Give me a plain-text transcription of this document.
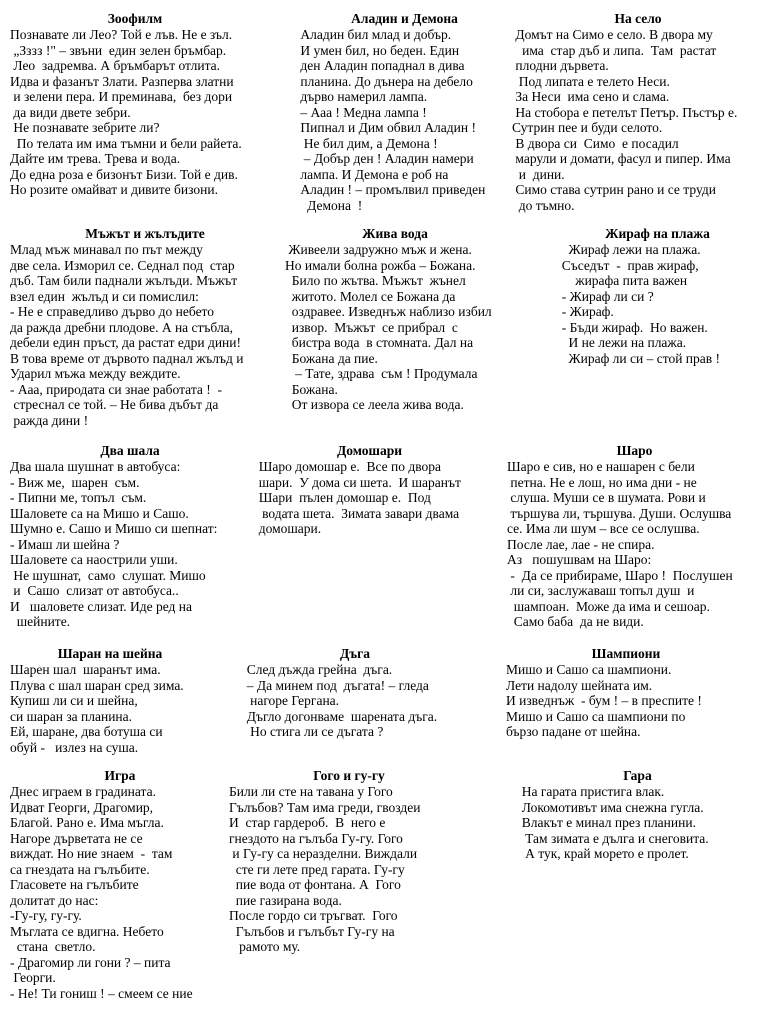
Зоофилм
Познавате ли Лео? Той е лъв. Не е зъл.
„Зззз !" – звъни  един зелен бръмбар.
Лео  задремва. А бръмбарът отлита.
Идва и фазанът Злати. Разперва златни
и зелени пера. И преминава,  без дори
да види двете зебри.
Не познавате зебрите ли?
По телата им има тъмни и бели райета.
Дайте им трева. Трева и вода.
До една роза е бизонът Бизи. Той е див.
Но розите омайват и дивите бизони.
Аладин и Демона
Аладин бил млад и добър.
И умен бил, но беден. Един
ден Аладин попаднал в дива
планина. До дънера на дебело
дърво намерил лампа.
– Ааа ! Медна лампа !
Пипнал и Дим обвил Аладин !
Не бил дим, а Демона !
– Добър ден ! Аладин намери
лампа. И Демона е роб на
Аладин ! – промълвил приведен
Демона  !
На село
Домът на Симо е село. В двора му
има  стар дъб и липа.  Там  растат
плодни дървета.
Под липата е телето Неси.
За Неси  има сено и слама.
На стобора е петелът Петър. Пъстър е.
Сутрин пее и буди селото.
В двора си  Симо  е посадил
марули и домати, фасул и пипер. Има
и  дини.
Симо става сутрин рано и се труди
до тъмно.
Мъжът и жълъдите
Млад мъж минавал по път между
две села. Изморил се. Седнал под  стар
дъб. Там били паднали жълъди. Мъжът
взел един  жълъд и си помислил:
- Не е справедливо дърво до небето
да ражда дребни плодове. А на стъбла,
дебели един пръст, да растат едри дини!
В това време от дървото паднал жълъд и
Ударил мъжа между веждите.
- Ааа, природата си знае работата !  -
стреснал се той. – Не бива дъбът да
ражда дини !
Жива вода
Живеели задружно мъж и жена.
Но имали болна рожба – Божана.
Било по жътва. Мъжът  жънел
житото. Молел се Божана да
оздравее. Изведнъж наблизо избил
извор.  Мъжът  се прибрал  с
бистра вода  в стомната. Дал на
Божана да пие.
– Тате, здрава  съм ! Продумала
Божана.
От извора се леела жива вода.
Жираф на плажа
Жираф лежи на плажа.
Съседът  -  прав жираф,
жирафа пита важен
- Жираф ли си ?
- Жираф.
- Бъди жираф.  Но важен.
И не лежи на плажа.
Жираф ли си – стой прав !
Два шала
Два шала шушнат в автобуса:
- Виж ме,  шарен  съм.
- Пипни ме, топъл  съм.
Шаловете са на Мишо и Сашо.
Шумно е. Сашо и Мишо си шепнат:
- Имаш ли шейна ?
Шаловете са наострили уши.
Не шушнат,  само  слушат. Мишо
и  Сашо  слизат от автобуса..
И   шаловете слизат. Иде ред на
шейните.
Домошари
Шаро домошар е.  Все по двора
шари.  У дома си шета.  И шаранът
Шари  пълен домошар е.  Под
водата шета.  Зимата завари двама
домошари.
Шаро
Шаро е сив, но е нашарен с бели
петна. Не е лош, но има дни - не
слуша. Муши се в шумата. Рови и
тършува ли, тършува. Души. Ослушва
се. Има ли шум – все се ослушва.
После лае, лае - не спира.
Аз   пошушвам на Шаро:
-  Да се прибираме, Шаро !  Послушен
ли си, заслужаваш топъл душ  и
шампоан.  Може да има и сешоар.
Само баба  да не види.
Шаран на шейна
Шарен шал  шаранът има.
Плува с шал шаран сред зима.
Купиш ли си и шейна,
си шаран за планина.
Ей, шаране, два ботуша си
обуй -   излез на суша.
Дъга
След дъжда грейна  дъга.
– Да минем под  дъгата! – гледа
нагоре Гергана.
Дъгло догонваме  шарената дъга.
Но стига ли се дъгата ?
Шампиони
Мишо и Сашо са шампиони.
Лети надолу шейната им.
И изведнъж  - бум ! – в преспите !
Мишо и Сашо са шампиони по
бързо падане от шейна.
Игра
Днес играем в градината.
Идват Георги, Драгомир,
Благой. Рано е. Има мъгла.
Нагоре дърветата не се
виждат. Но ние знаем  -  там
са гнездата на гълъбите.
Гласовете на гълъбите
долитат до нас:
-Гу-гу, гу-гу.
Мъглата се вдигна. Небето
стана  светло.
- Драгомир ли гони ? – пита
Георги.
- Не! Ти гониш ! – смеем се ние
Гого и гу-гу
Били ли сте на тавана у Гого
Гълъбов? Там има греди, гвоздеи
И  стар гардероб.  В  него е
гнездото на гълъба Гу-гу. Гого
и Гу-гу са неразделни. Виждали
сте ги лете пред гарата. Гу-гу
пие вода от фонтана. А  Гого
пие газирана вода.
После гордо си тръгват.  Гого
Гълъбов и гълъбът Гу-гу на
рамото му.
Гара
На гарата пристига влак.
Локомотивът има снежна гугла.
Влакът е минал през планини.
Там зимата е дълга и снеговита.
А тук, край морето е пролет.
